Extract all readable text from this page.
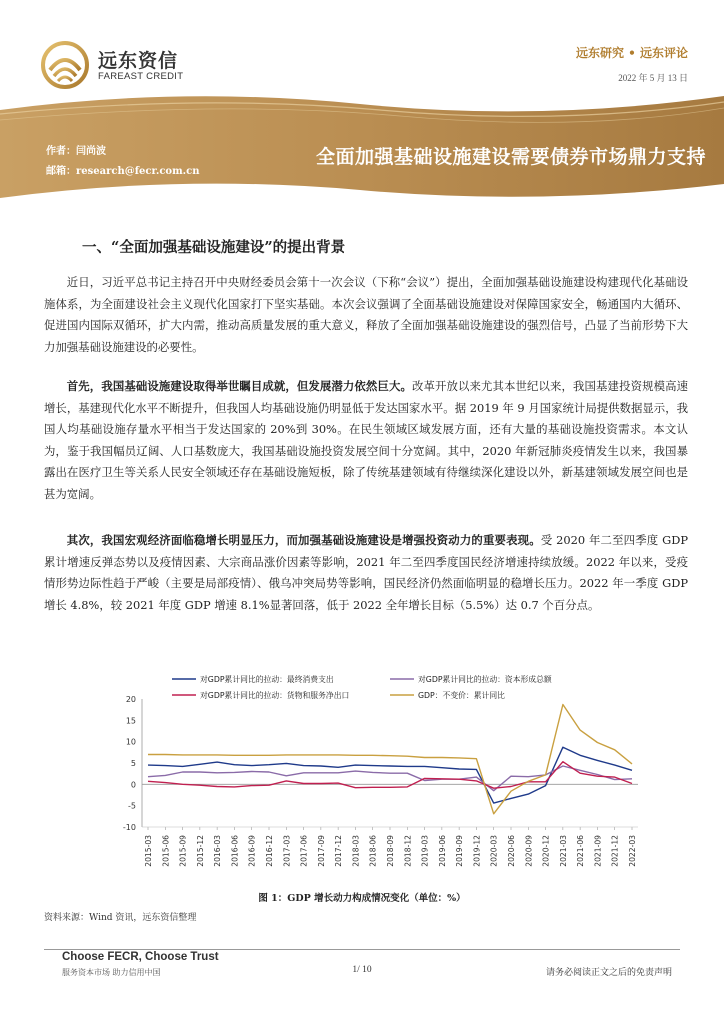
远东资信
FAREAST CREDIT
远东研究 • 远东评论
2022 年 5 月 13 日
作者：闫尚波
邮箱：research@fecr.com.cn
全面加强基础设施建设需要债券市场鼎力支持
一、“全面加强基础设施建设”的提出背景

近日，习近平总书记主持召开中央财经委员会第十一次会议（下称“会议”）提出，全面加强基础设施建设构建现代化基础设施体系，为全面建设社会主义现代化国家打下坚实基础。本次会议强调了全面基础设施建设对保障国家安全，畅通国内大循环、促进国内国际双循环，扩大内需，推动高质量发展的重大意义，释放了全面加强基础设施建设的强烈信号，凸显了当前形势下大力加强基础设施建设的必要性。

首先，我国基础设施建设取得举世瞩目成就，但发展潜力依然巨大。改革开放以来尤其本世纪以来，我国基建投资规模高速增长，基建现代化水平不断提升，但我国人均基础设施仍明显低于发达国家水平。据 2019 年 9 月国家统计局提供数据显示，我国人均基础设施存量水平相当于发达国家的 20%到 30%。在民生领域区域发展方面，还有大量的基础设施投资需求。本文认为，鉴于我国幅员辽阔、人口基数庞大，我国基础设施投资发展空间十分宽阔。其中，2020 年新冠肺炎疫情发生以来，我国暴露出在医疗卫生等关系人民安全领域还存在基础设施短板，除了传统基建领域有待继续深化建设以外，新基建领域发展空间也是甚为宽阔。

其次，我国宏观经济面临稳增长明显压力，而加强基础设施建设是增强投资动力的重要表现。受 2020 年二至四季度 GDP 累计增速反弹态势以及疫情因素、大宗商品涨价因素等影响，2021 年二至四季度国民经济增速持续放缓。2022 年以来，受疫情形势边际性趋于严峻（主要是局部疫情）、俄乌冲突局势等影响，国民经济仍然面临明显的稳增长压力。2022 年一季度 GDP 增长 4.8%，较 2021 年度 GDP 增速 8.1%显著回落，低于 2022 全年增长目标（5.5%）达 0.7 个百分点。

对GDP累计同比的拉动：最终消费支出	对GDP累计同比的拉动：资本形成总额
对GDP累计同比的拉动：货物和服务净出口	GDP：不变价：累计同比
20
15
10
5
0
-5
-10
2015-03 2015-06 2015-09 2015-12 2016-03 2016-06 2016-09 2016-12 2017-03 2017-06 2017-09 2017-12 2018-03 2018-06 2018-09 2018-12 2019-03 2019-06 2019-09 2019-12 2020-03 2020-06 2020-09 2020-12 2021-03 2021-06 2021-09 2021-12 2022-03
图 1：GDP 增长动力构成情况变化（单位：%）
资料来源：Wind 资讯，远东资信整理
Choose FECR, Choose Trust
服务资本市场 助力信用中国	1/ 10	请务必阅读正文之后的免责声明
